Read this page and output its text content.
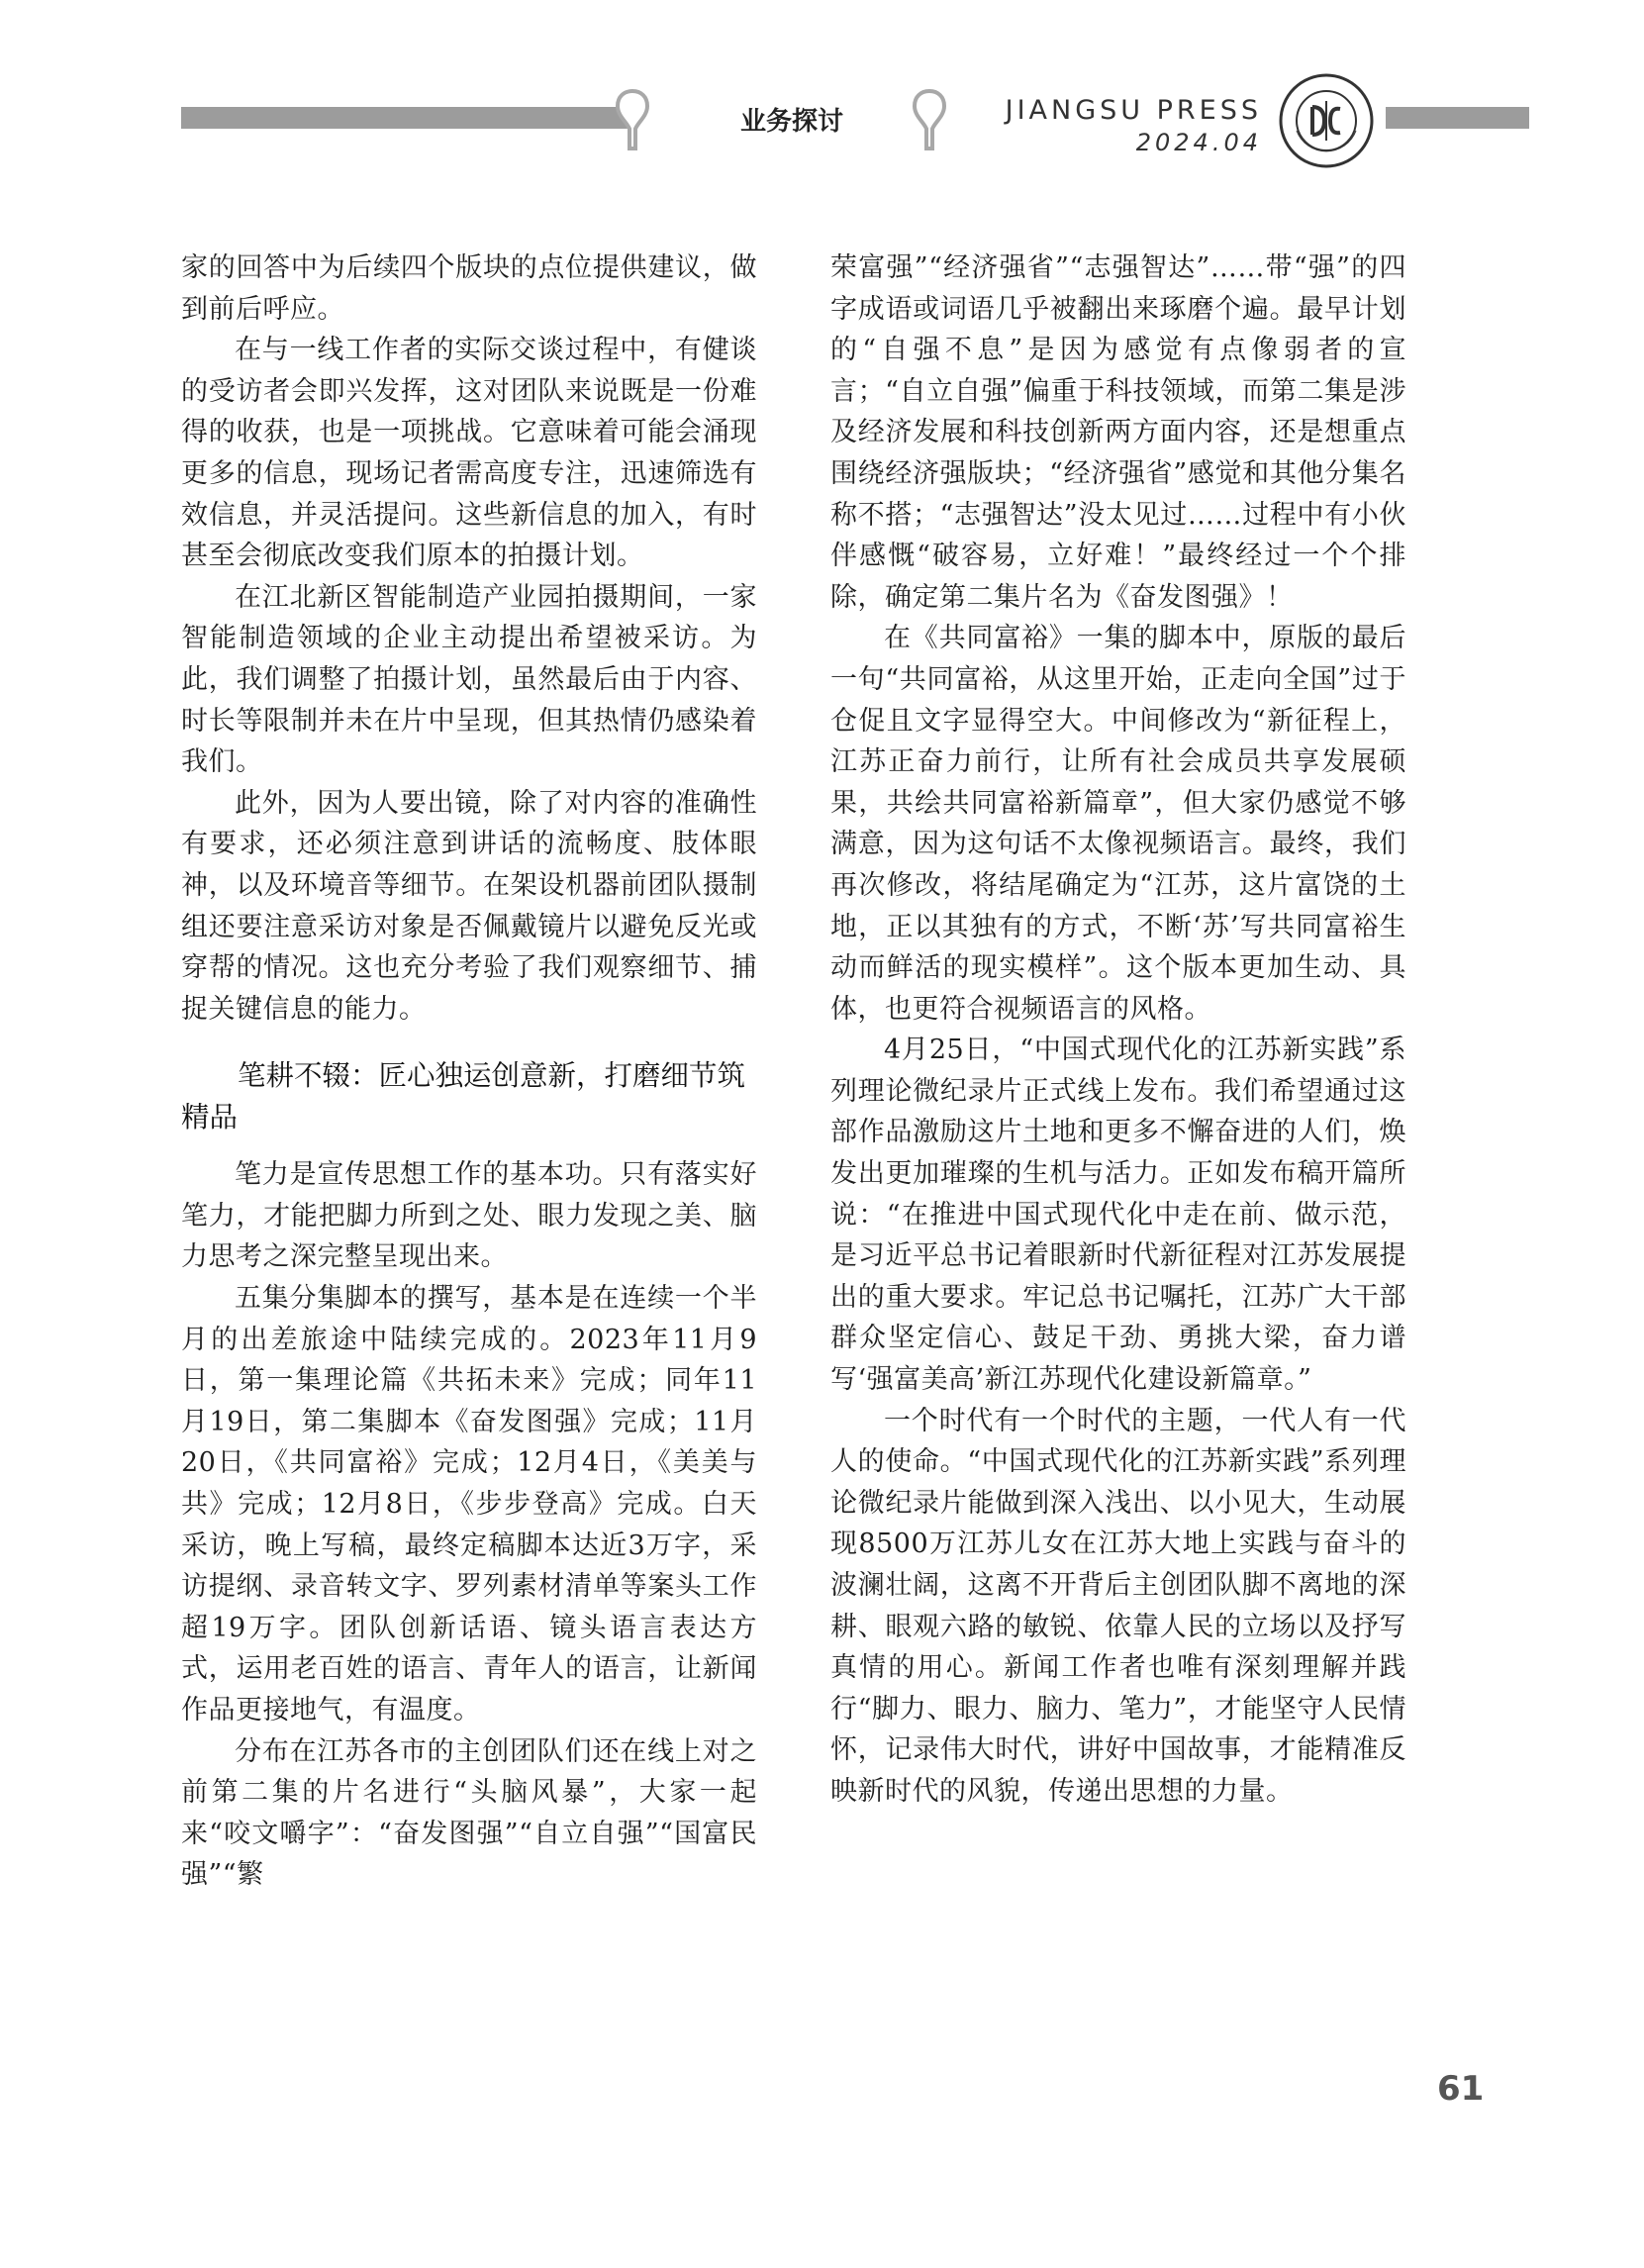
业务探讨	JIANGSU PRESS
2024.04

家的回答中为后续四个版块的点位提供建议，做到前后呼应。

在与一线工作者的实际交谈过程中，有健谈的受访者会即兴发挥，这对团队来说既是一份难得的收获，也是一项挑战。它意味着可能会涌现更多的信息，现场记者需高度专注，迅速筛选有效信息，并灵活提问。这些新信息的加入，有时甚至会彻底改变我们原本的拍摄计划。

在江北新区智能制造产业园拍摄期间，一家智能制造领域的企业主动提出希望被采访。为此，我们调整了拍摄计划，虽然最后由于内容、时长等限制并未在片中呈现，但其热情仍感染着我们。

此外，因为人要出镜，除了对内容的准确性有要求，还必须注意到讲话的流畅度、肢体眼神，以及环境音等细节。在架设机器前团队摄制组还要注意采访对象是否佩戴镜片以避免反光或穿帮的情况。这也充分考验了我们观察细节、捕捉关键信息的能力。

笔耕不辍：匠心独运创意新，打磨细节筑精品

笔力是宣传思想工作的基本功。只有落实好笔力，才能把脚力所到之处、眼力发现之美、脑力思考之深完整呈现出来。

五集分集脚本的撰写，基本是在连续一个半月的出差旅途中陆续完成的。2023年11月9日，第一集理论篇《共拓未来》完成；同年11月19日，第二集脚本《奋发图强》完成；11月20日，《共同富裕》完成；12月4日，《美美与共》完成；12月8日，《步步登高》完成。白天采访，晚上写稿，最终定稿脚本达近3万字，采访提纲、录音转文字、罗列素材清单等案头工作超19万字。团队创新话语、镜头语言表达方式，运用老百姓的语言、青年人的语言，让新闻作品更接地气，有温度。

分布在江苏各市的主创团队们还在线上对之前第二集的片名进行“头脑风暴”，大家一起来“咬文嚼字”：“奋发图强”“自立自强”“国富民强”“繁

荣富强”“经济强省”“志强智达”……带“强”的四字成语或词语几乎被翻出来琢磨个遍。最早计划的“自强不息”是因为感觉有点像弱者的宣言；“自立自强”偏重于科技领域，而第二集是涉及经济发展和科技创新两方面内容，还是想重点围绕经济强版块；“经济强省”感觉和其他分集名称不搭；“志强智达”没太见过……过程中有小伙伴感慨“破容易，立好难！”最终经过一个个排除，确定第二集片名为《奋发图强》！

在《共同富裕》一集的脚本中，原版的最后一句“共同富裕，从这里开始，正走向全国”过于仓促且文字显得空大。中间修改为“新征程上，江苏正奋力前行，让所有社会成员共享发展硕果，共绘共同富裕新篇章”，但大家仍感觉不够满意，因为这句话不太像视频语言。最终，我们再次修改，将结尾确定为“江苏，这片富饶的土地，正以其独有的方式，不断‘苏’写共同富裕生动而鲜活的现实模样”。这个版本更加生动、具体，也更符合视频语言的风格。

4月25日，“中国式现代化的江苏新实践”系列理论微纪录片正式线上发布。我们希望通过这部作品激励这片土地和更多不懈奋进的人们，焕发出更加璀璨的生机与活力。正如发布稿开篇所说：“在推进中国式现代化中走在前、做示范，是习近平总书记着眼新时代新征程对江苏发展提出的重大要求。牢记总书记嘱托，江苏广大干部群众坚定信心、鼓足干劲、勇挑大梁，奋力谱写‘强富美高’新江苏现代化建设新篇章。”

一个时代有一个时代的主题，一代人有一代人的使命。“中国式现代化的江苏新实践”系列理论微纪录片能做到深入浅出、以小见大，生动展现8500万江苏儿女在江苏大地上实践与奋斗的波澜壮阔，这离不开背后主创团队脚不离地的深耕、眼观六路的敏锐、依靠人民的立场以及抒写真情的用心。新闻工作者也唯有深刻理解并践行“脚力、眼力、脑力、笔力”，才能坚守人民情怀，记录伟大时代，讲好中国故事，才能精准反映新时代的风貌，传递出思想的力量。

61
